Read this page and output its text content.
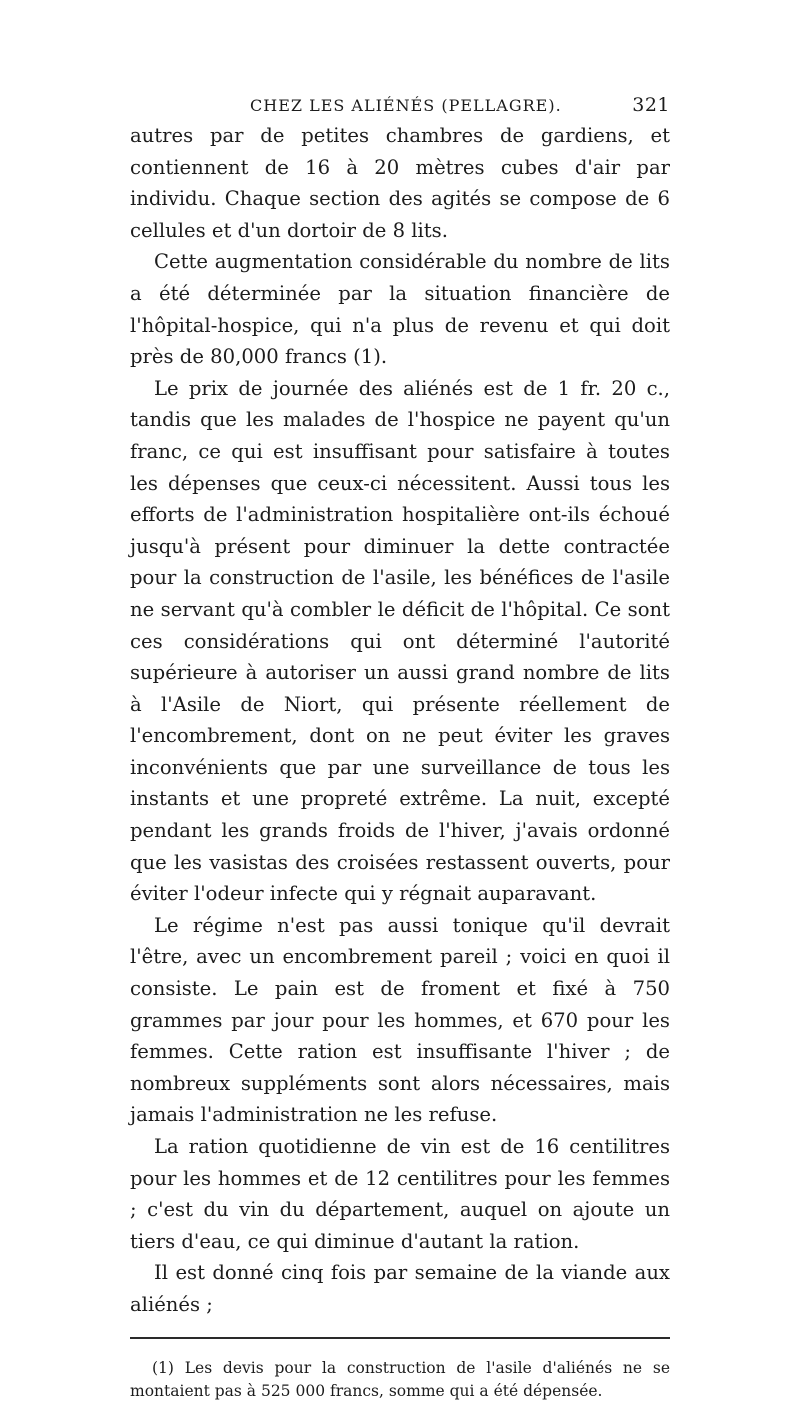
CHEZ LES ALIÉNÉS (PELLAGRE).	321

autres par de petites chambres de gardiens, et contiennent de 16 à 20 mètres cubes d'air par individu. Chaque section des agités se compose de 6 cellules et d'un dortoir de 8 lits.

Cette augmentation considérable du nombre de lits a été déterminée par la situation financière de l'hôpital-hospice, qui n'a plus de revenu et qui doit près de 80,000 francs (1).

Le prix de journée des aliénés est de 1 fr. 20 c., tandis que les malades de l'hospice ne payent qu'un franc, ce qui est insuffisant pour satisfaire à toutes les dépenses que ceux-ci nécessitent. Aussi tous les efforts de l'administration hospitalière ont-ils échoué jusqu'à présent pour diminuer la dette contractée pour la construction de l'asile, les bénéfices de l'asile ne servant qu'à combler le déficit de l'hôpital. Ce sont ces considérations qui ont déterminé l'autorité supérieure à autoriser un aussi grand nombre de lits à l'Asile de Niort, qui présente réellement de l'encombrement, dont on ne peut éviter les graves inconvénients que par une surveillance de tous les instants et une propreté extrême. La nuit, excepté pendant les grands froids de l'hiver, j'avais ordonné que les vasistas des croisées restassent ouverts, pour éviter l'odeur infecte qui y régnait auparavant.

Le régime n'est pas aussi tonique qu'il devrait l'être, avec un encombrement pareil ; voici en quoi il consiste. Le pain est de froment et fixé à 750 grammes par jour pour les hommes, et 670 pour les femmes. Cette ration est insuffisante l'hiver ; de nombreux suppléments sont alors nécessaires, mais jamais l'administration ne les refuse.

La ration quotidienne de vin est de 16 centilitres pour les hommes et de 12 centilitres pour les femmes ; c'est du vin du département, auquel on ajoute un tiers d'eau, ce qui diminue d'autant la ration.

Il est donné cinq fois par semaine de la viande aux aliénés ;

(1) Les devis pour la construction de l'asile d'aliénés ne se montaient pas à 525 000 francs, somme qui a été dépensée.
